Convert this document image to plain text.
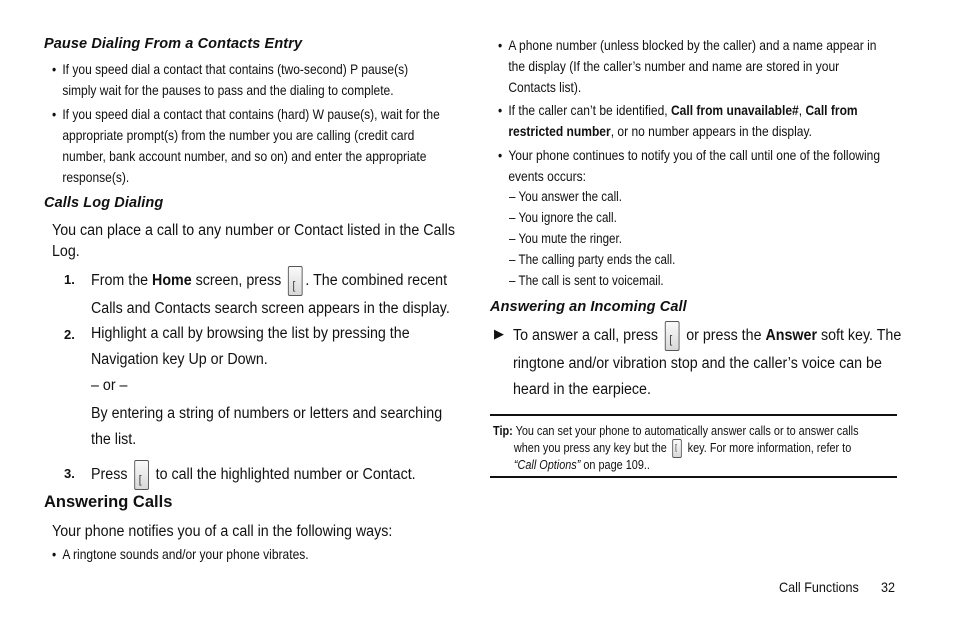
Pause Dialing From a Contacts Entry
• If you speed dial a contact that contains (two-second) P pause(s)
simply wait for the pauses to pass and the dialing to complete.
• If you speed dial a contact that contains (hard) W pause(s), wait for the
appropriate prompt(s) from the number you are calling (credit card
number, bank account number, and so on) and enter the appropriate
response(s).
Calls Log Dialing
You can place a call to any number or Contact listed in the Calls
Log.
1. From the Home screen, press [. The combined recent
Calls and Contacts search screen appears in the display.
2. Highlight a call by browsing the list by pressing the
Navigation key Up or Down.
– or –
By entering a string of numbers or letters and searching
the list.
3. Press [ to call the highlighted number or Contact.
Answering Calls
Your phone notifies you of a call in the following ways:
• A ringtone sounds and/or your phone vibrates.
• A phone number (unless blocked by the caller) and a name appear in
the display (If the caller’s number and name are stored in your
Contacts list).
• If the caller can’t be identified, Call from unavailable#, Call from
restricted number, or no number appears in the display.
• Your phone continues to notify you of the call until one of the following
events occurs:
– You answer the call.
– You ignore the call.
– You mute the ringer.
– The calling party ends the call.
– The call is sent to voicemail.
Answering an Incoming Call
▶ To answer a call, press [ or press the Answer soft key. The
ringtone and/or vibration stop and the caller’s voice can be
heard in the earpiece.
Tip: You can set your phone to automatically answer calls or to answer calls
when you press any key but the [ key. For more information, refer to
“Call Options” on page 109..
Call Functions 32
